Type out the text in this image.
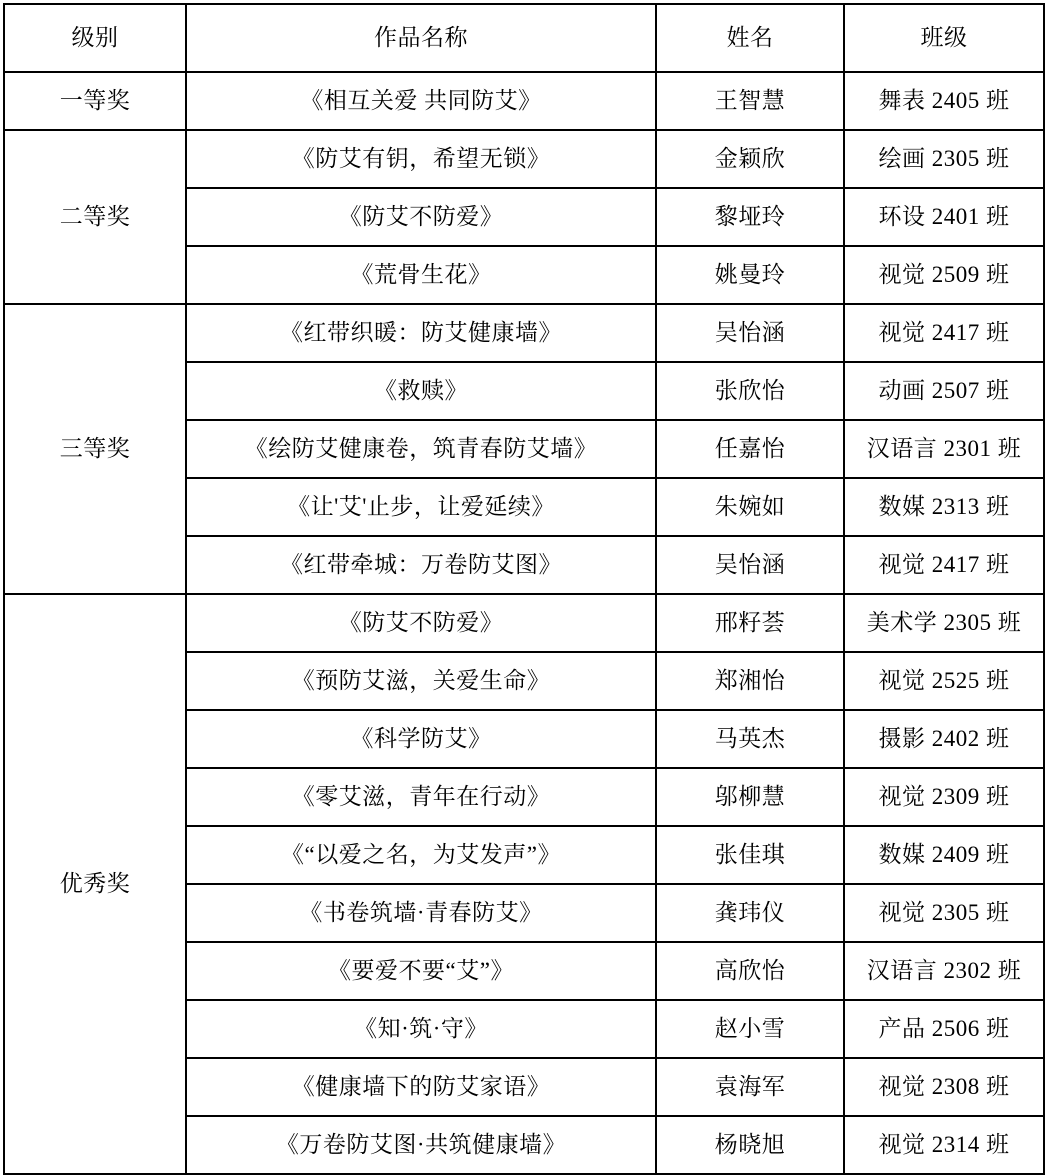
级别	作品名称	姓名	班级
一等奖	《相互关爱 共同防艾》	王智慧	舞表 2405 班
二等奖	《防艾有钥，希望无锁》	金颖欣	绘画 2305 班
	《防艾不防爱》	黎垭玲	环设 2401 班
	《荒骨生花》	姚曼玲	视觉 2509 班
三等奖	《红带织暖：防艾健康墙》	吴怡涵	视觉 2417 班
	《救赎》	张欣怡	动画 2507 班
	《绘防艾健康卷，筑青春防艾墙》	任嘉怡	汉语言 2301 班
	《让'艾'止步，让爱延续》	朱婉如	数媒 2313 班
	《红带牵城：万卷防艾图》	吴怡涵	视觉 2417 班
优秀奖	《防艾不防爱》	邢籽荟	美术学 2305 班
	《预防艾滋，关爱生命》	郑湘怡	视觉 2525 班
	《科学防艾》	马英杰	摄影 2402 班
	《零艾滋，青年在行动》	邬柳慧	视觉 2309 班
	《“以爱之名，为艾发声”》	张佳琪	数媒 2409 班
	《书卷筑墙·青春防艾》	龚玮仪	视觉 2305 班
	《要爱不要“艾”》	高欣怡	汉语言 2302 班
	《知·筑·守》	赵小雪	产品 2506 班
	《健康墙下的防艾家语》	袁海军	视觉 2308 班
	《万卷防艾图·共筑健康墙》	杨晓旭	视觉 2314 班
